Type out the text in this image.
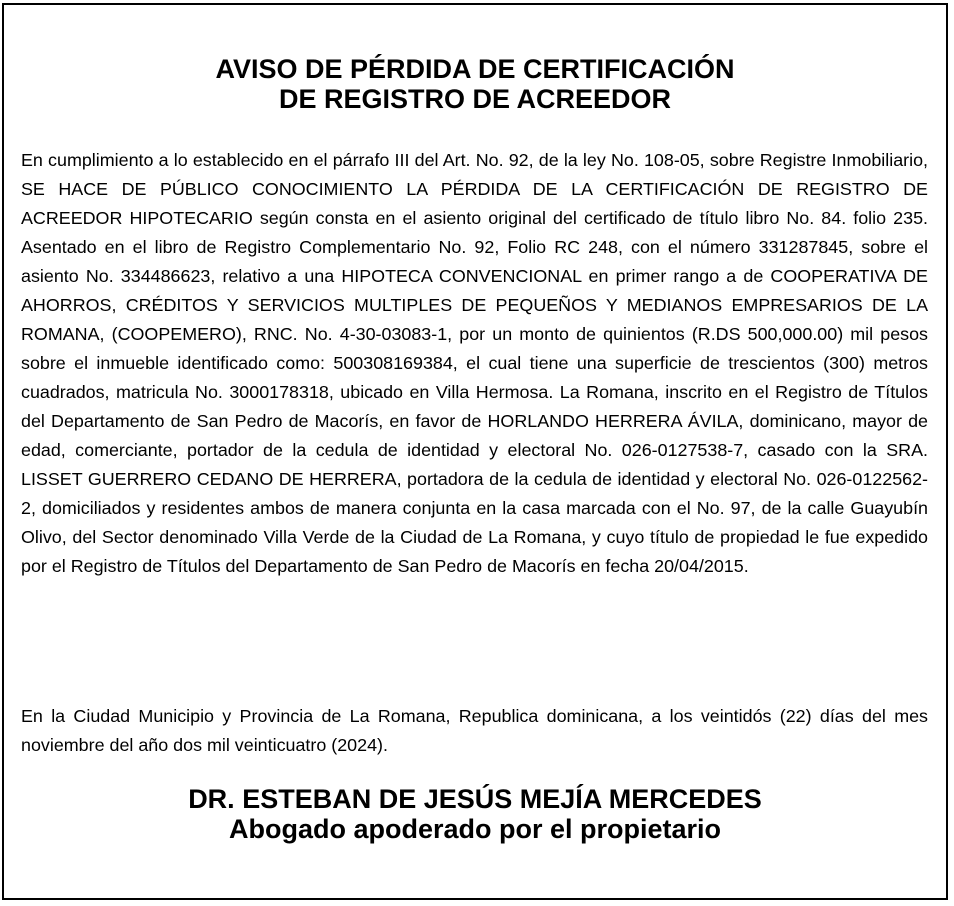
AVISO DE PÉRDIDA DE CERTIFICACIÓN
DE REGISTRO DE ACREEDOR
En cumplimiento a lo establecido en el párrafo III del Art. No. 92, de la ley No. 108-05, sobre Registre Inmobiliario, SE HACE DE PÚBLICO CONOCIMIENTO LA PÉRDIDA DE LA CERTIFICACIÓN DE REGISTRO DE ACREEDOR HIPOTECARIO según consta en el asiento original del certificado de título libro No. 84. folio 235. Asentado en el libro de Registro Complementario No. 92, Folio RC 248, con el número 331287845, sobre el asiento No. 334486623, relativo a una HIPOTECA CONVENCIONAL en primer rango a de COOPERATIVA DE AHORROS, CRÉDITOS Y SERVICIOS MULTIPLES DE PEQUEÑOS Y MEDIANOS EMPRESARIOS DE LA ROMANA, (COOPEMERO), RNC. No. 4-30-03083-1, por un monto de quinientos (R.DS 500,000.00) mil pesos sobre el inmueble identificado como: 500308169384, el cual tiene una superficie de trescientos (300) metros cuadrados, matricula No. 3000178318, ubicado en Villa Hermosa. La Romana, inscrito en el Registro de Títulos del Departamento de San Pedro de Macorís, en favor de HORLANDO HERRERA ÁVILA, dominicano, mayor de edad, comerciante, portador de la cedula de identidad y electoral No. 026-0127538-7, casado con la SRA. LISSET GUERRERO CEDANO DE HERRERA, portadora de la cedula de identidad y electoral No. 026-0122562-2, domiciliados y residentes ambos de manera conjunta en la casa marcada con el No. 97, de la calle Guayubín Olivo, del Sector denominado Villa Verde de la Ciudad de La Romana, y cuyo título de propiedad le fue expedido por el Registro de Títulos del Departamento de San Pedro de Macorís en fecha 20/04/2015.
En la Ciudad Municipio y Provincia de La Romana, Republica dominicana, a los veintidós (22) días del mes noviembre del año dos mil veinticuatro (2024).
DR. ESTEBAN DE JESÚS MEJÍA MERCEDES
Abogado apoderado por el propietario
